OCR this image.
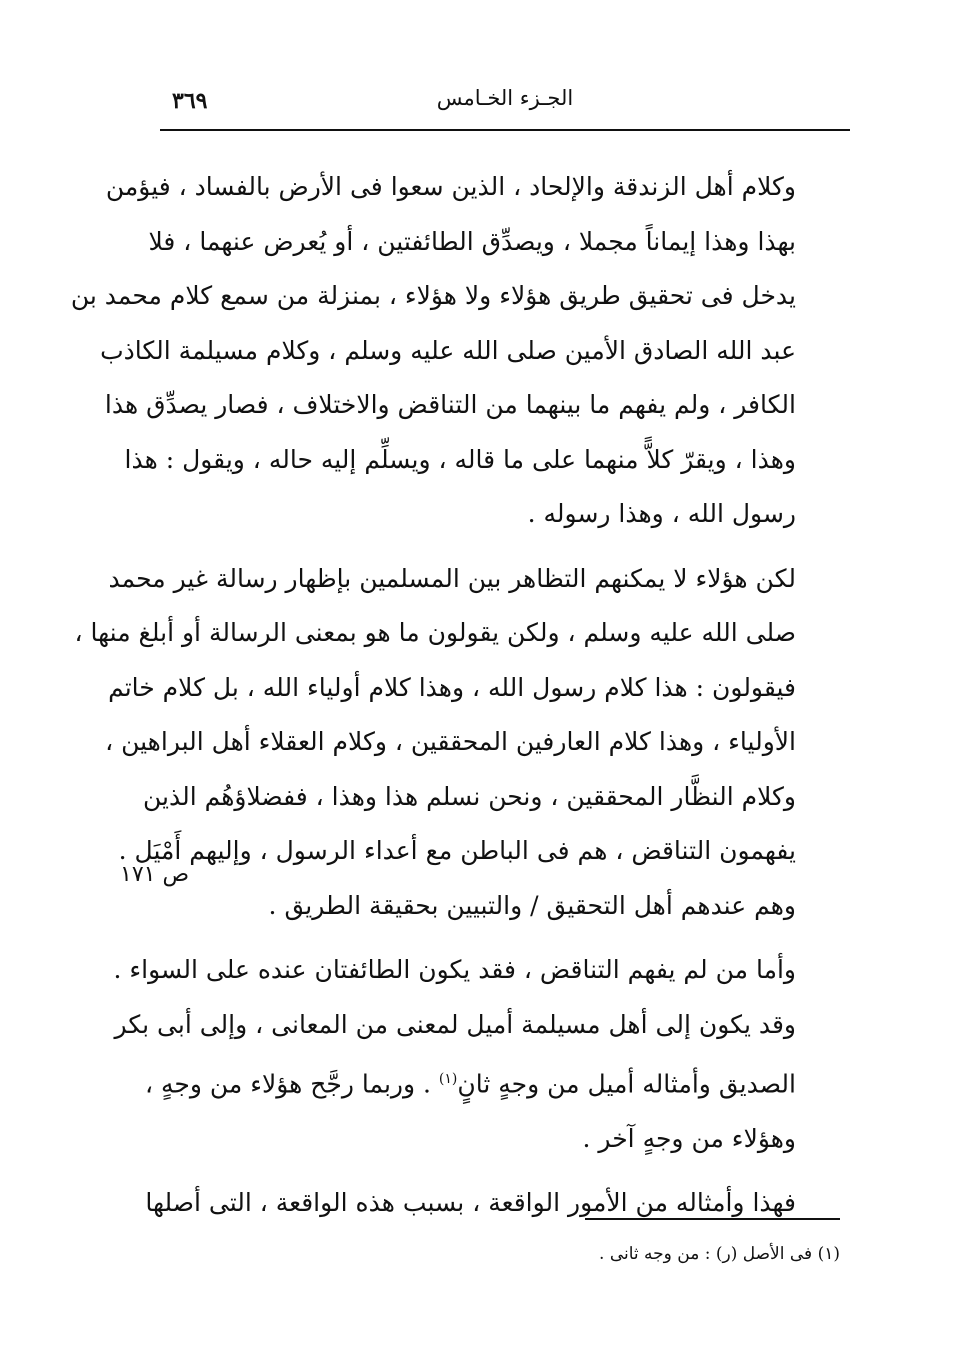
٣٦٩	الجـزء الخـامس

وكلام أهل الزندقة والإلحاد ، الذين سعوا فى الأرض بالفساد ، فيؤمن
بهذا وهذا إيماناً مجملا ، ويصدِّق الطائفتين ، أو يُعرض عنهما ، فلا
يدخل فى تحقيق طريق هؤلاء ولا هؤلاء ، بمنزلة من سمع كلام محمد بن
عبد الله الصادق الأمين صلى الله عليه وسلم ، وكلام مسيلمة الكاذب
الكافر ، ولم يفهم ما بينهما من التناقض والاختلاف ، فصار يصدِّق هذا
وهذا ، ويقرّ كلاًّ منهما على ما قاله ، ويسلِّم إليه حاله ، ويقول : هذا
رسول الله ، وهذا رسوله .

لكن هؤلاء لا يمكنهم التظاهر بين المسلمين بإظهار رسالة غير محمد
صلى الله عليه وسلم ، ولكن يقولون ما هو بمعنى الرسالة أو أبلغ منها ،
فيقولون : هذا كلام رسول الله ، وهذا كلام أولياء الله ، بل كلام خاتم
الأولياء ، وهذا كلام العارفين المحققين ، وكلام العقلاء أهل البراهين ،
وكلام النظَّار المحققين ، ونحن نسلم هذا وهذا ، ففضلاؤهُم الذين
يفهمون التناقض ، هم فى الباطن مع أعداء الرسول ، وإليهم أَمْيَل .
وهم عندهم أهل التحقيق / والتبيين بحقيقة الطريق .

وأما من لم يفهم التناقض ، فقد يكون الطائفتان عنده على السواء .
وقد يكون إلى أهل مسيلمة أميل لمعنى من المعانى ، وإلى أبى بكر
الصديق وأمثاله أميل من وجهٍ ثانٍ$^{(١)}$ . وربما رجَّح هؤلاء من وجهٍ ،
وهؤلاء من وجهٍ آخر .

فهذا وأمثاله من الأمور الواقعة ، بسبب هذه الواقعة ، التى أصلها

ص ١٧١
(١) فى الأصل (ر) : من وجه ثانى .
